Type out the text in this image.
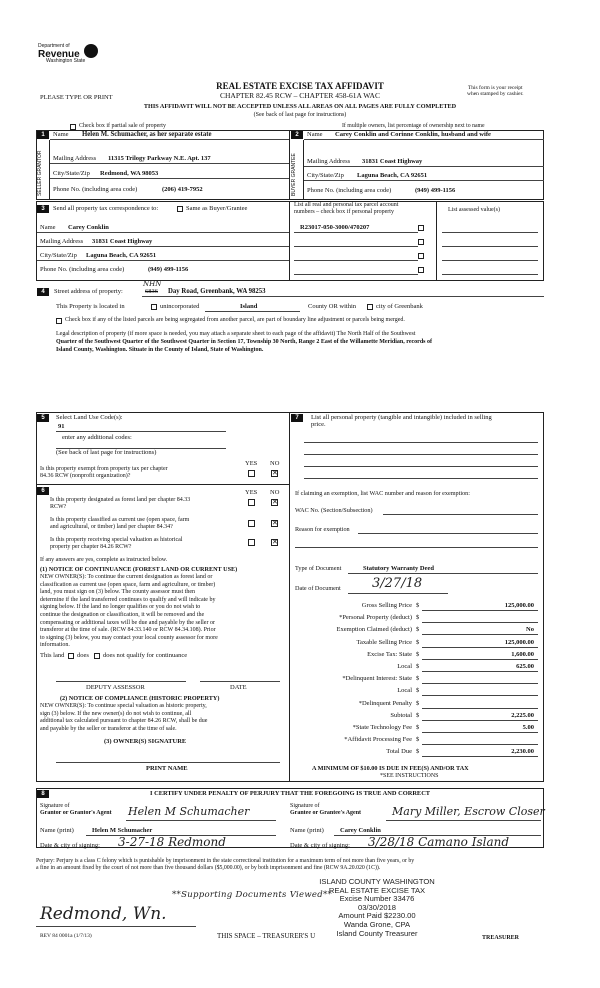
Department of
Revenue
Washington State
REAL ESTATE EXCISE TAX AFFIDAVIT
CHAPTER 82.45 RCW – CHAPTER 458-61A WAC
PLEASE TYPE OR PRINT
This form is your receipt
when stamped by cashier.
THIS AFFIDAVIT WILL NOT BE ACCEPTED UNLESS ALL AREAS ON ALL PAGES ARE FULLY COMPLETED
(See back of last page for instructions)
Check box if partial sale of property	If multiple owners, list percentage of ownership next to name
1
SELLER GRANTOR
Name Helen M. Schumacher, as her separate estate
Mailing Address 11315 Trilogy Parkway N.E. Apt. 137
City/State/Zip Redmond, WA 98053
Phone No. (including area code)	(206) 419-7952
2
BUYER GRANTEE
Name Carey Conklin and Corinne Conklin, husband and wife
Mailing Address 31831 Coast Highway
City/State/Zip Laguna Beach, CA 92651
Phone No. (including area code)	(949) 499-1156
3	Send all property tax correspondence to:	Same as Buyer/Grantee
Name Carey Conklin
Mailing Address 31831 Coast Highway
City/State/Zip Laguna Beach, CA 92651
Phone No. (including area code)	(949) 499-1156
List all real and personal tax parcel account
numbers – check box if personal property	List assessed value(s)
R23017-050-3000/470207
4	Street address of property:
NHN
6836 Day Road, Greenbank, WA 98253
This Property is located in	unincorporated	Island	County OR within	city of Greenbank
Check box if any of the listed parcels are being segregated from another parcel, are part of boundary line adjustment or parcels being merged.
Legal description of property (if more space is needed, you may attach a separate sheet to each page of the affidavit) The North Half of the Southwest
Quarter of the Southwest Quarter of the Southwest Quarter in Section 17, Township 30 North, Range 2 East of the Willamette Meridian, records of
Island County, Washington. Situate in the County of Island, State of Washington.
5	Select Land Use Code(s):
91
enter any additional codes:
(See back of last page for instructions)
YES NO
Is this property exempt from property tax per chapter
84.36 RCW (nonprofit organization)?	✕
6	YES NO
Is this property designated as forest land per chapter 84.33
RCW?
✕
Is this property classified as current use (open space, farm
and agricultural, or timber) land per chapter 84.34?	✕
Is this property receiving special valuation as historical
property per chapter 84.26 RCW?
✕
If any answers are yes, complete as instructed below.
(1) NOTICE OF CONTINUANCE (FOREST LAND OR CURRENT USE)
NEW OWNER(S): To continue the current designation as forest land or
classification as current use (open space, farm and agriculture, or timber)
land, you must sign on (3) below. The county assessor must then
determine if the land transferred continues to qualify and will indicate by
signing below. If the land no longer qualifies or you do not wish to
continue the designation or classification, it will be removed and the
compensating or additional taxes will be due and payable by the seller or
transferor at the time of sale. (RCW 84.33.140 or RCW 84.34.108). Prior
to signing (3) below, you may contact your local county assessor for more
information.
This land does does not qualify for continuance
DEPUTY ASSESSOR	DATE
(2) NOTICE OF COMPLIANCE (HISTORIC PROPERTY)
NEW OWNER(S): To continue special valuation as historic property,
sign (3) below. If the new owner(s) do not wish to continue, all
additional tax calculated pursuant to chapter 84.26 RCW, shall be due
and payable by the seller or transferor at the time of sale.
(3) OWNER(S) SIGNATURE
PRINT NAME
7	List all personal property (tangible and intangible) included in selling
price.
If claiming an exemption, list WAC number and reason for exemption:
WAC No. (Section/Subsection)
Reason for exemption
Type of Document	Statutory Warranty Deed
Date of Document 3/27/18
Gross Selling Price $	125,000.00
*Personal Property (deduct) $
Exemption Claimed (deduct) $	No
Taxable Selling Price $	125,000.00
Excise Tax: State $	1,600.00
Local $	625.00
*Delinquent Interest: State $
Local $
*Delinquent Penalty $
Subtotal $	2,225.00
*State Technology Fee $	5.00
*Affidavit Processing Fee $
Total Due $	2,230.00
A MINIMUM OF $10.00 IS DUE IN FEE(S) AND/OR TAX
*SEE INSTRUCTIONS
8	I CERTIFY UNDER PENALTY OF PERJURY THAT THE FOREGOING IS TRUE AND CORRECT
Signature of
Grantor or Grantor's Agent Helen M Schumacher	Signature of
Grantee or Grantee's Agent	Mary Miller, Escrow Closer
Name (print)	Helen M Schumacher	Name (print) Carey Conklin
Date & city of signing: 3-27-18 Redmond	Date & city of signing: 3/28/18 Camano Island
Perjury: Perjury is a class C felony which is punishable by imprisonment in the state correctional institution for a maximum term of not more than five years, or by
a fine in an amount fixed by the court of not more than five thousand dollars ($5,000.00), or by both imprisonment and fine (RCW 9A.20.020 (1C)).
ISLAND COUNTY WASHINGTON
REAL ESTATE EXCISE TAX
Excise Number 33476
03/30/2018
Amount Paid $2230.00
Wanda Grone, CPA
Island County Treasurer
**Supporting Documents Viewed**
Redmond, Wn.
REV 84 0001a (1/7/13)	THIS SPACE – TREASURER'S U	TREASURER
